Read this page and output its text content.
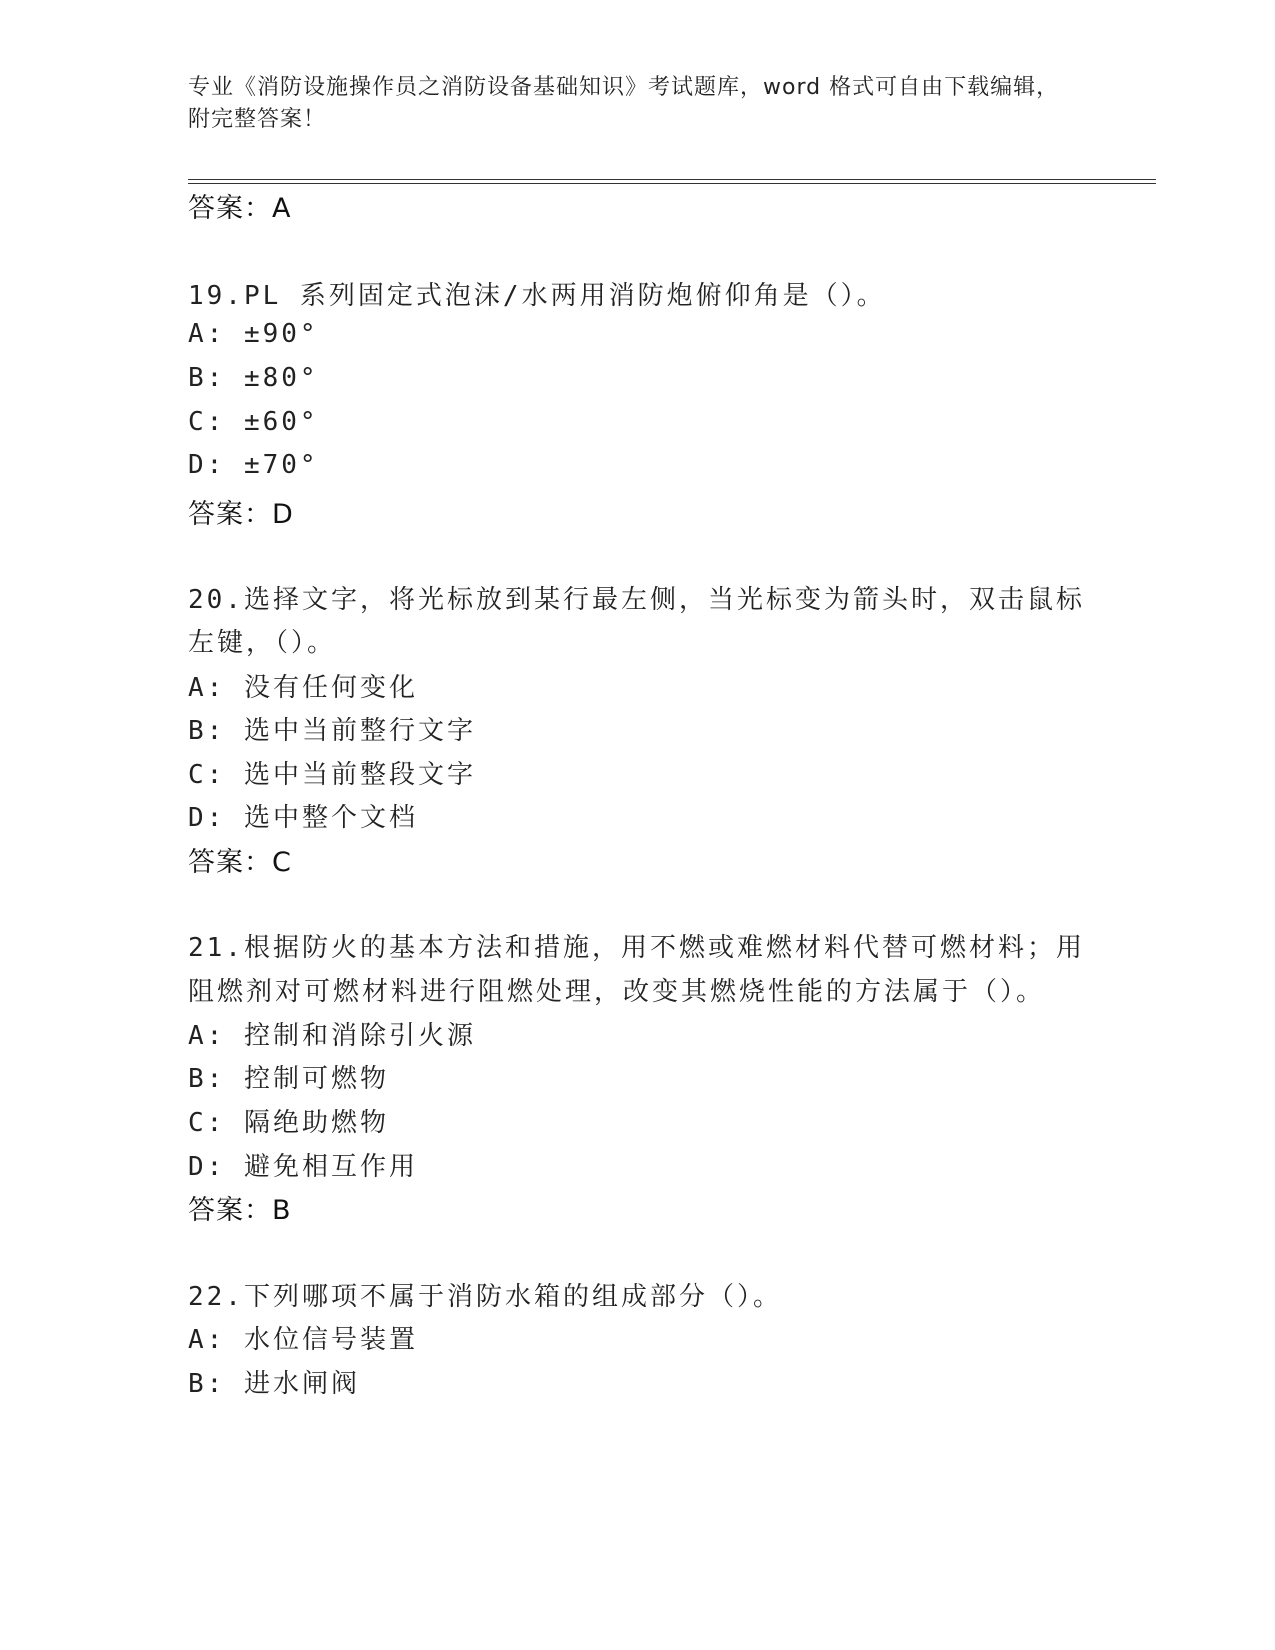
专业《消防设施操作员之消防设备基础知识》考试题库，word 格式可自由下载编辑，附完整答案！
答案：A
19.PL 系列固定式泡沫/水两用消防炮俯仰角是（）。
A: ±90°
B: ±80°
C: ±60°
D: ±70°
答案：D
20.选择文字，将光标放到某行最左侧，当光标变为箭头时，双击鼠标
左键，（）。
A: 没有任何变化
B: 选中当前整行文字
C: 选中当前整段文字
D: 选中整个文档
答案：C
21.根据防火的基本方法和措施，用不燃或难燃材料代替可燃材料；用
阻燃剂对可燃材料进行阻燃处理，改变其燃烧性能的方法属于（）。
A: 控制和消除引火源
B: 控制可燃物
C: 隔绝助燃物
D: 避免相互作用
答案：B
22.下列哪项不属于消防水箱的组成部分（）。
A: 水位信号装置
B: 进水闸阀
